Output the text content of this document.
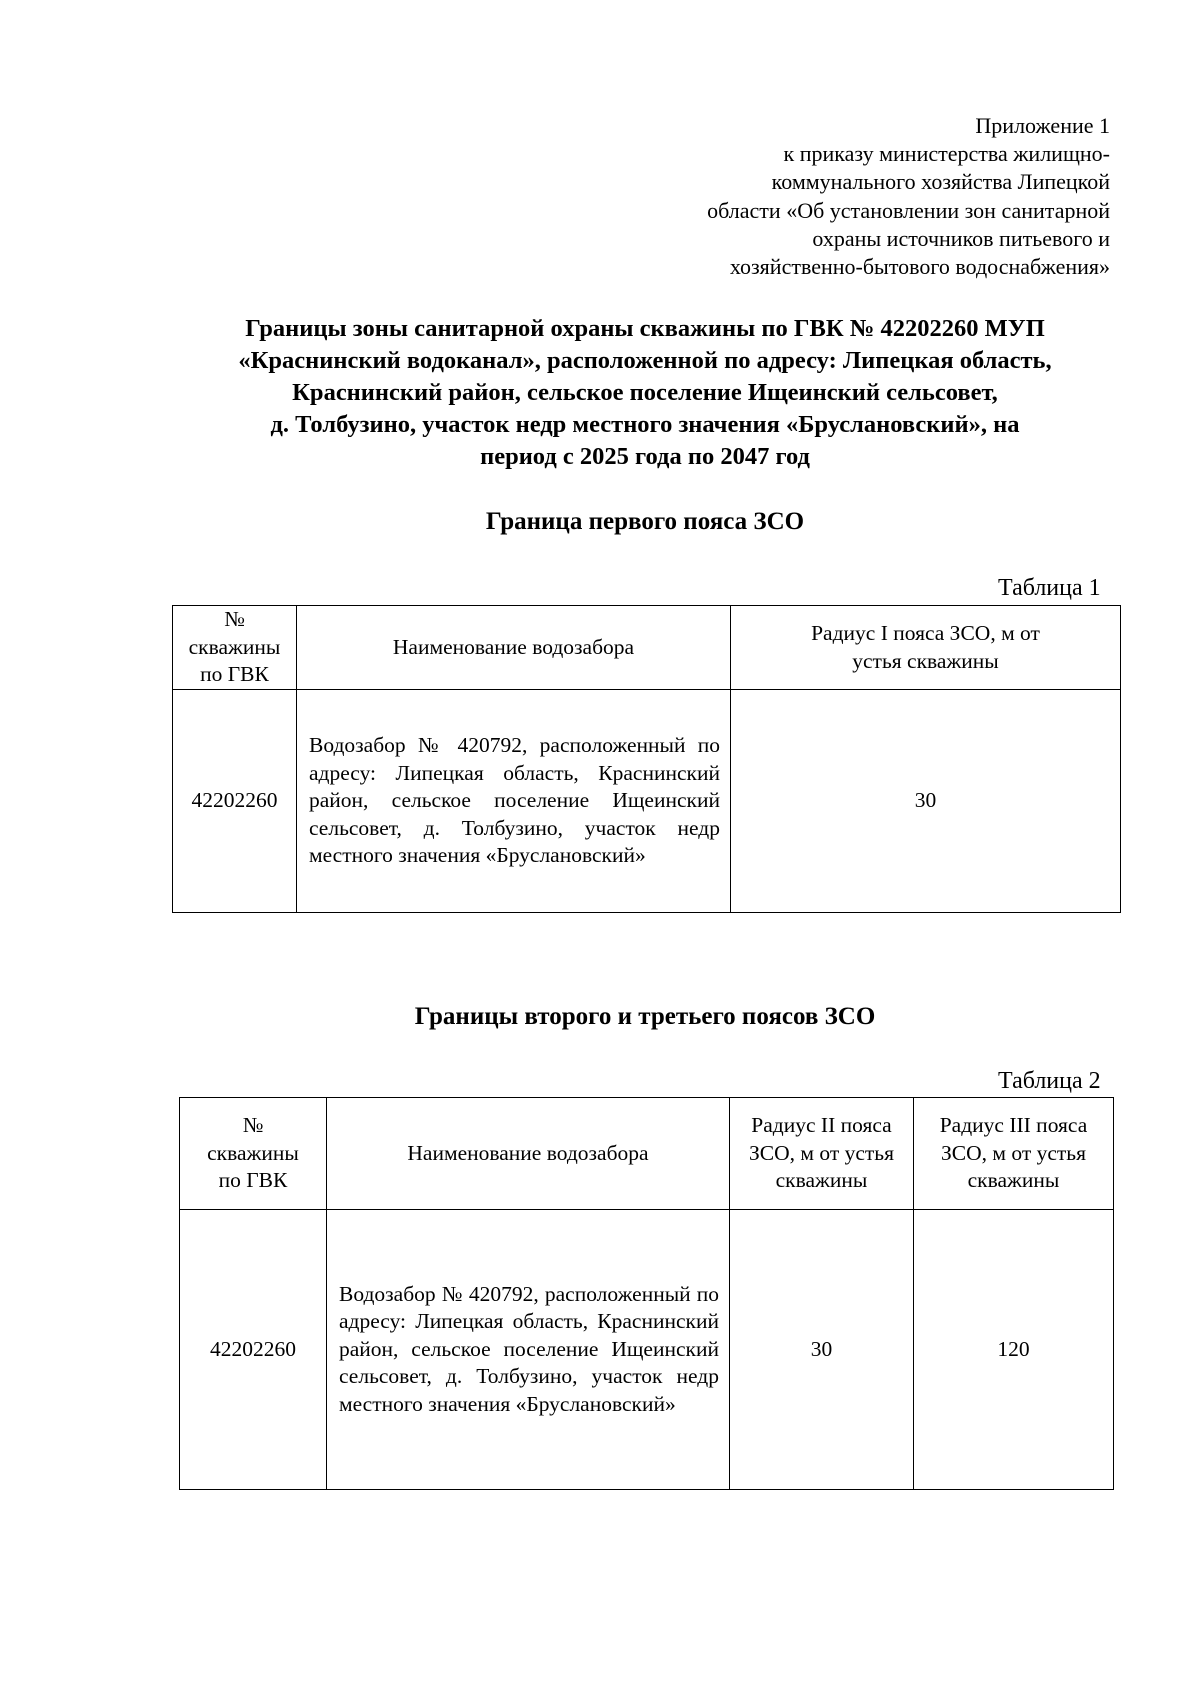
Приложение 1
к приказу министерства жилищно-
коммунального хозяйства Липецкой
области «Об установлении зон санитарной
охраны источников питьевого и
хозяйственно-бытового водоснабжения»
Границы зоны санитарной охраны скважины по ГВК № 42202260 МУП
«Краснинский водоканал», расположенной по адресу: Липецкая область,
Краснинский район, сельское поселение Ищеинский сельсовет,
д. Толбузино, участок недр местного значения «Бруслановский», на
период с 2025 года по 2047 год
Граница первого пояса ЗСО
Таблица 1
№ скважины по ГВК	Наименование водозабора	Радиус I пояса ЗСО, м от устья скважины
42202260	Водозабор № 420792, расположенный по адресу: Липецкая область, Краснинский район, сельское поселение Ищеинский сельсовет, д. Толбузино, участок недр местного значения «Бруслановский»	30
Границы второго и третьего поясов ЗСО
Таблица 2
№ скважины по ГВК	Наименование водозабора	Радиус II пояса ЗСО, м от устья скважины	Радиус III пояса ЗСО, м от устья скважины
42202260	Водозабор № 420792, расположенный по адресу: Липецкая область, Краснинский район, сельское поселение Ищеинский сельсовет, д. Толбузино, участок недр местного значения «Бруслановский»	30	120
